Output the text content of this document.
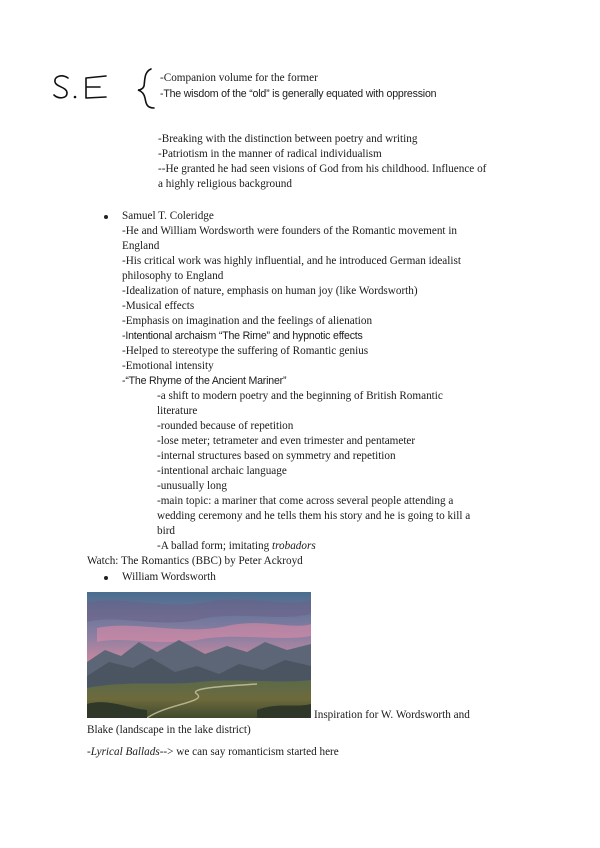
-Companion volume for the former
-The wisdom of the “old” is generally equated with oppression
-Breaking with the distinction between poetry and writing
-Patriotism in the manner of radical individualism
--He granted he had seen visions of God from his childhood. Influence of
a highly religious background
Samuel T. Coleridge
-He and William Wordsworth were founders of the Romantic movement in
England
-His critical work was highly influential, and he introduced German idealist
philosophy to England
-Idealization of nature, emphasis on human joy (like Wordsworth)
-Musical effects
-Emphasis on imagination and the feelings of alienation
-Intentional archaism “The Rime” and hypnotic effects
-Helped to stereotype the suffering of Romantic genius
-Emotional intensity
-“The Rhyme of the Ancient Mariner”
-a shift to modern poetry and the beginning of British Romantic
literature
-rounded because of repetition
-lose meter; tetrameter and even trimester and pentameter
-internal structures based on symmetry and repetition
-intentional archaic language
-unusually long
-main topic: a mariner that come across several people attending a
wedding ceremony and he tells them his story and he is going to kill a
bird
-A ballad form; imitating trobadors
Watch: The Romantics (BBC) by Peter Ackroyd
William Wordsworth
Inspiration for W. Wordsworth and
Blake (landscape in the lake district)
-Lyrical Ballads--> we can say romanticism started here
